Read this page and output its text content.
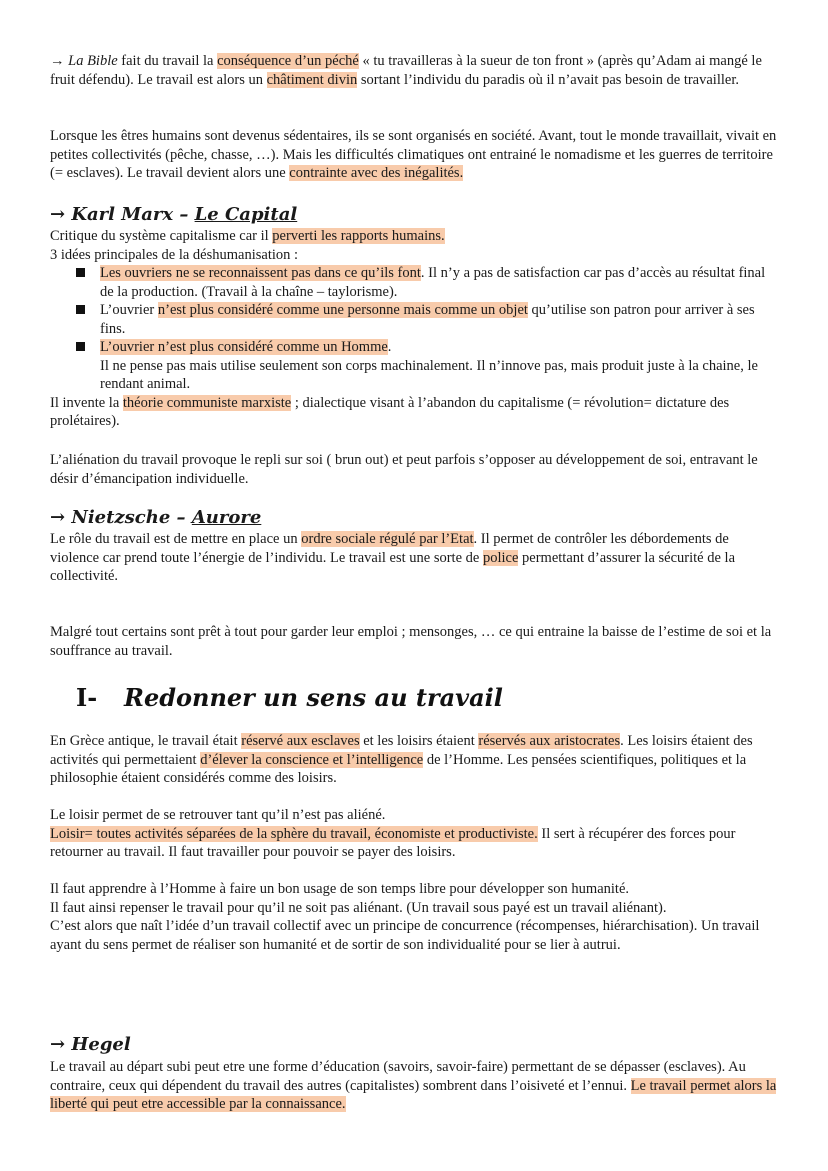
→ La Bible fait du travail la conséquence d’un péché « tu travailleras à la sueur de ton front » (après qu’Adam ai mangé le fruit défendu). Le travail est alors un châtiment divin sortant l’individu du paradis où il n’avait pas besoin de travailler.

Lorsque les êtres humains sont devenus sédentaires, ils se sont organisés en société. Avant, tout le monde travaillait, vivait en petites collectivités (pêche, chasse, …). Mais les difficultés climatiques ont entrainé le nomadisme et les guerres de territoire (= esclaves). Le travail devient alors une contrainte avec des inégalités.

→ Karl Marx – Le Capital

Critique du système capitalisme car il perverti les rapports humains.

3 idées principales de la déshumanisation :

Les ouvriers ne se reconnaissent pas dans ce qu’ils font. Il n’y a pas de satisfaction car pas d’accès au résultat final de la production. (Travail à la chaîne – taylorisme).
L’ouvrier n’est plus considéré comme une personne mais comme un objet qu’utilise son patron pour arriver à ses fins.
L’ouvrier n’est plus considéré comme un Homme.
Il ne pense pas mais utilise seulement son corps machinalement. Il n’innove pas, mais produit juste à la chaine, le rendant animal.

Il invente la théorie communiste marxiste ; dialectique visant à l’abandon du capitalisme (= révolution= dictature des prolétaires).

L’aliénation du travail provoque le repli sur soi ( brun out) et peut parfois s’opposer au développement de soi, entravant le désir d’émancipation individuelle.

→ Nietzsche – Aurore

Le rôle du travail est de mettre en place un ordre sociale régulé par l’Etat. Il permet de contrôler les débordements de violence car prend toute l’énergie de l’individu. Le travail est une sorte de police permettant d’assurer la sécurité de la collectivité.

Malgré tout certains sont prêt à tout pour garder leur emploi ; mensonges, … ce qui entraine la baisse de l’estime de soi et la souffrance au travail.

I- Redonner un sens au travail

En Grèce antique, le travail était réservé aux esclaves et les loisirs étaient réservés aux aristocrates. Les loisirs étaient des activités qui permettaient d’élever la conscience et l’intelligence de l’Homme. Les pensées scientifiques, politiques et la philosophie étaient considérés comme des loisirs.

Le loisir permet de se retrouver tant qu’il n’est pas aliéné.

Loisir= toutes activités séparées de la sphère du travail, économiste et productiviste. Il sert à récupérer des forces pour retourner au travail. Il faut travailler pour pouvoir se payer des loisirs.

Il faut apprendre à l’Homme à faire un bon usage de son temps libre pour développer son humanité.

Il faut ainsi repenser le travail pour qu’il ne soit pas aliénant. (Un travail sous payé est un travail aliénant).

C’est alors que naît l’idée d’un travail collectif avec un principe de concurrence (récompenses, hiérarchisation). Un travail ayant du sens permet de réaliser son humanité et de sortir de son individualité pour se lier à autrui.

→ Hegel

Le travail au départ subi peut etre une forme d’éducation (savoirs, savoir-faire) permettant de se dépasser (esclaves). Au contraire, ceux qui dépendent du travail des autres (capitalistes) sombrent dans l’oisiveté et l’ennui. Le travail permet alors la liberté qui peut etre accessible par la connaissance.
